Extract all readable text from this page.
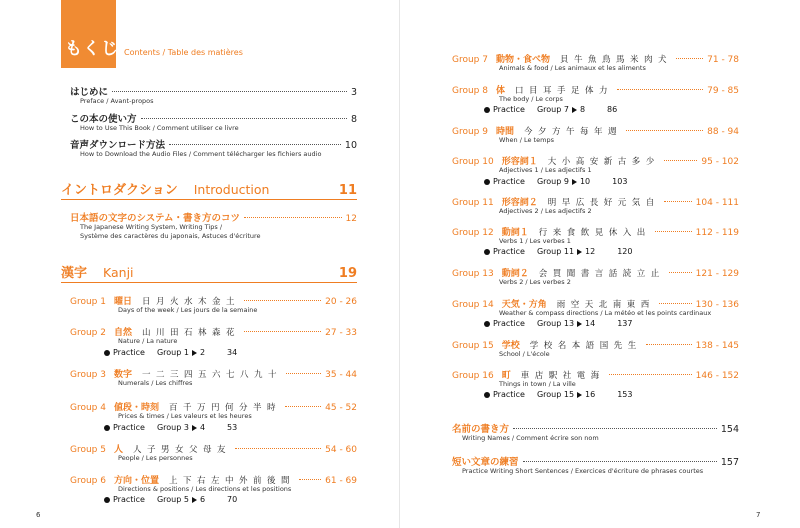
もくじ Contents / Table des matières
はじめに	3
Preface / Avant-propos
この本の使い方	8
How to Use This Book / Comment utiliser ce livre
音声ダウンロード方法	10
How to Download the Audio Files / Comment télécharger les fichiers audio
イントロダクション Introduction	11
日本語の文字のシステム・書き方のコツ	12
The Japanese Writing System, Writing Tips /
Système des caractères du japonais, Astuces d'écriture
漢字 Kanji	19
Group 1 曜日 日月火水木金土	20 - 26
Days of the week / Les jours de la semaine
Group 2 自然 山川田石林森花	27 - 33
Nature / La nature
Practice Group 1 2	34
Group 3 数字 一二三四五六七八九十	35 - 44
Numerals / Les chiffres
Group 4 値段・時刻 百千万円何分半時	45 - 52
Prices & times / Les valeurs et les heures
Practice Group 3 4	53
Group 5 人 人子男女父母友	54 - 60
People / Les personnes
Group 6 方向・位置 上下右左中外前後間	61 - 69
Directions & positions / Les directions et les positions
Practice Group 5 6	70
6
Group 7 動物・食べ物 貝牛魚鳥馬米肉犬	71 - 78
Animals & food / Les animaux et les aliments
Group 8 体 口目耳手足体力	79 - 85
The body / Le corps
Practice Group 7 8	86
Group 9 時間 今夕方午每年週	88 - 94
When / Le temps
Group 10 形容詞１ 大小高安新古多少	95 - 102
Adjectives 1 / Les adjectifs 1
Practice Group 9 10	103
Group 11 形容詞２ 明早広長好元気自	104 - 111
Adjectives 2 / Les adjectifs 2
Group 12 動詞１ 行来食飲見休入出	112 - 119
Verbs 1 / Les verbes 1
Practice Group 11 12	120
Group 13 動詞２ 会買聞書言話読立止	121 - 129
Verbs 2 / Les verbes 2
Group 14 天気・方角 雨空天北南東西	130 - 136
Weather & compass directions / La météo et les points cardinaux
Practice Group 13 14	137
Group 15 学校 学校名本語国先生	138 - 145
School / L'école
Group 16 町 車店駅社電海	146 - 152
Things in town / La ville
Practice Group 15 16	153
名前の書き方	154
Writing Names / Comment écrire son nom
短い文章の練習	157
Practice Writing Short Sentences / Exercices d'écriture de phrases courtes
7
